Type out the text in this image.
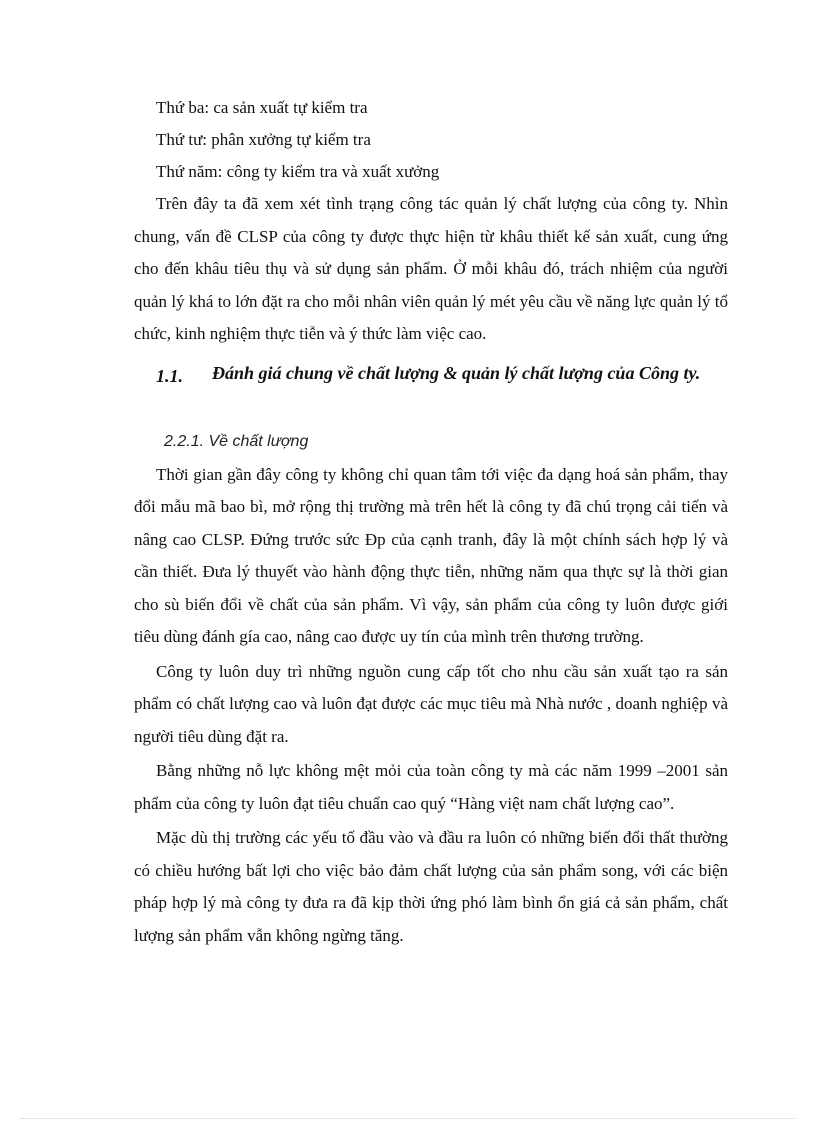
Thứ ba: ca sản xuất tự kiểm tra

Thứ tư: phân xưởng tự kiểm tra

Thứ năm: công ty kiểm tra và xuất xưởng

Trên đây ta đã xem xét tình trạng công tác quản lý chất lượng của công ty. Nhìn chung, vấn đề CLSP của công ty được thực hiện từ khâu thiết kế sản xuất, cung ứng cho đến khâu tiêu thụ và sử dụng sản phẩm. Ở mỗi khâu đó, trách nhiệm của người quản lý khá to lớn đặt ra cho mỗi nhân viên quản lý mét yêu cầu về năng lực quản lý tổ chức, kinh nghiệm thực tiễn và ý thức làm việc cao.

1.1. Đánh giá chung về chất lượng & quản lý chất lượng của Công ty.

2.2.1. Về chất lượng

Thời gian gần đây công ty không chỉ quan tâm tới việc đa dạng hoá sản phẩm, thay đổi mẫu mã bao bì, mở rộng thị trường mà trên hết là công ty đã chú trọng cải tiến và nâng cao CLSP. Đứng trước sức Đp của cạnh tranh, đây là một chính sách hợp lý và cần thiết. Đưa lý thuyết vào hành động thực tiễn, những năm qua thực sự là thời gian cho sù biến đổi về chất của sản phẩm. Vì vậy, sản phẩm của công ty luôn được giới tiêu dùng đánh gía cao, nâng cao được uy tín của mình trên thương trường.

Công ty luôn duy trì những nguồn cung cấp tốt cho nhu cầu sản xuất tạo ra sản phẩm có chất lượng cao và luôn đạt được các mục tiêu mà Nhà nước , doanh nghiệp và người tiêu dùng đặt ra.

Bằng những nỗ lực không mệt mỏi của toàn công ty mà các năm 1999 –2001 sản phẩm của công ty luôn đạt tiêu chuẩn cao quý “Hàng việt nam chất lượng cao”.

Mặc dù thị trường các yếu tố đầu vào và đầu ra luôn có những biến đổi thất thường có chiều hướng bất lợi cho việc bảo đảm chất lượng của sản phẩm song, với các biện pháp hợp lý mà công ty đưa ra đã kịp thời ứng phó làm bình ổn giá cả sản phẩm, chất lượng sản phẩm vẫn không ngừng tăng.
